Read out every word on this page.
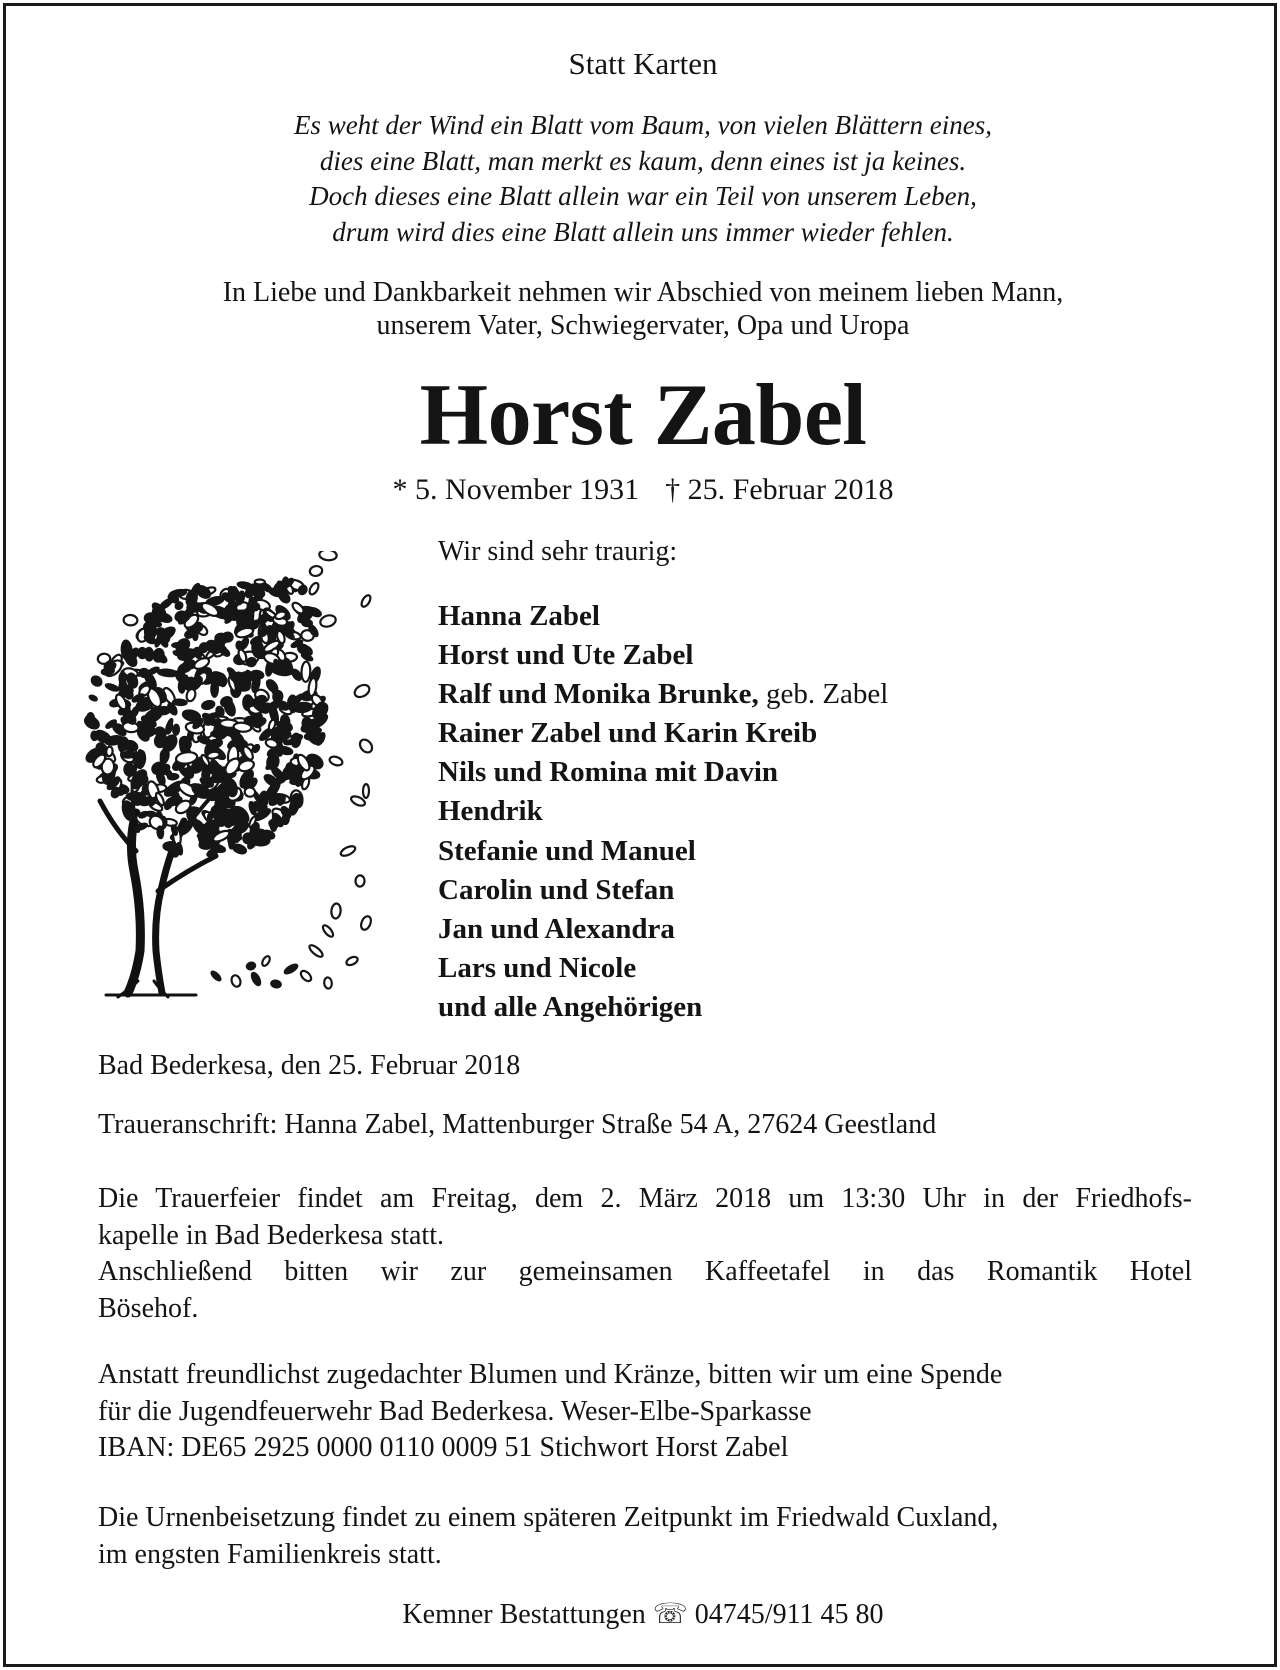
Statt Karten

Es weht der Wind ein Blatt vom Baum, von vielen Blättern eines,

dies eine Blatt, man merkt es kaum, denn eines ist ja keines.

Doch dieses eine Blatt allein war ein Teil von unserem Leben,

drum wird dies eine Blatt allein uns immer wieder fehlen.

In Liebe und Dankbarkeit nehmen wir Abschied von meinem lieben Mann,

unserem Vater, Schwiegervater, Opa und Uropa

Horst Zabel
* 5. November 1931 † 25. Februar 2018
Wir sind sehr traurig:

Hanna Zabel

Horst und Ute Zabel

Ralf und Monika Brunke, geb. Zabel

Rainer Zabel und Karin Kreib

Nils und Romina mit Davin

Hendrik

Stefanie und Manuel

Carolin und Stefan

Jan und Alexandra

Lars und Nicole

und alle Angehörigen

Bad Bederkesa, den 25. Februar 2018
Traueranschrift: Hanna Zabel, Mattenburger Straße 54 A, 27624 Geestland

Die Trauerfeier findet am Freitag, dem 2. März 2018 um 13:30 Uhr in der Friedhofs-

kapelle in Bad Bederkesa statt.

Anschließend bitten wir zur gemeinsamen Kaffeetafel in das Romantik Hotel

Bösehof.

Anstatt freundlichst zugedachter Blumen und Kränze, bitten wir um eine Spende

für die Jugendfeuerwehr Bad Bederkesa. Weser-Elbe-Sparkasse

IBAN: DE65 2925 0000 0110 0009 51 Stichwort Horst Zabel

Die Urnenbeisetzung findet zu einem späteren Zeitpunkt im Friedwald Cuxland,

im engsten Familienkreis statt.

Kemner Bestattungen ☏ 04745/911 45 80
